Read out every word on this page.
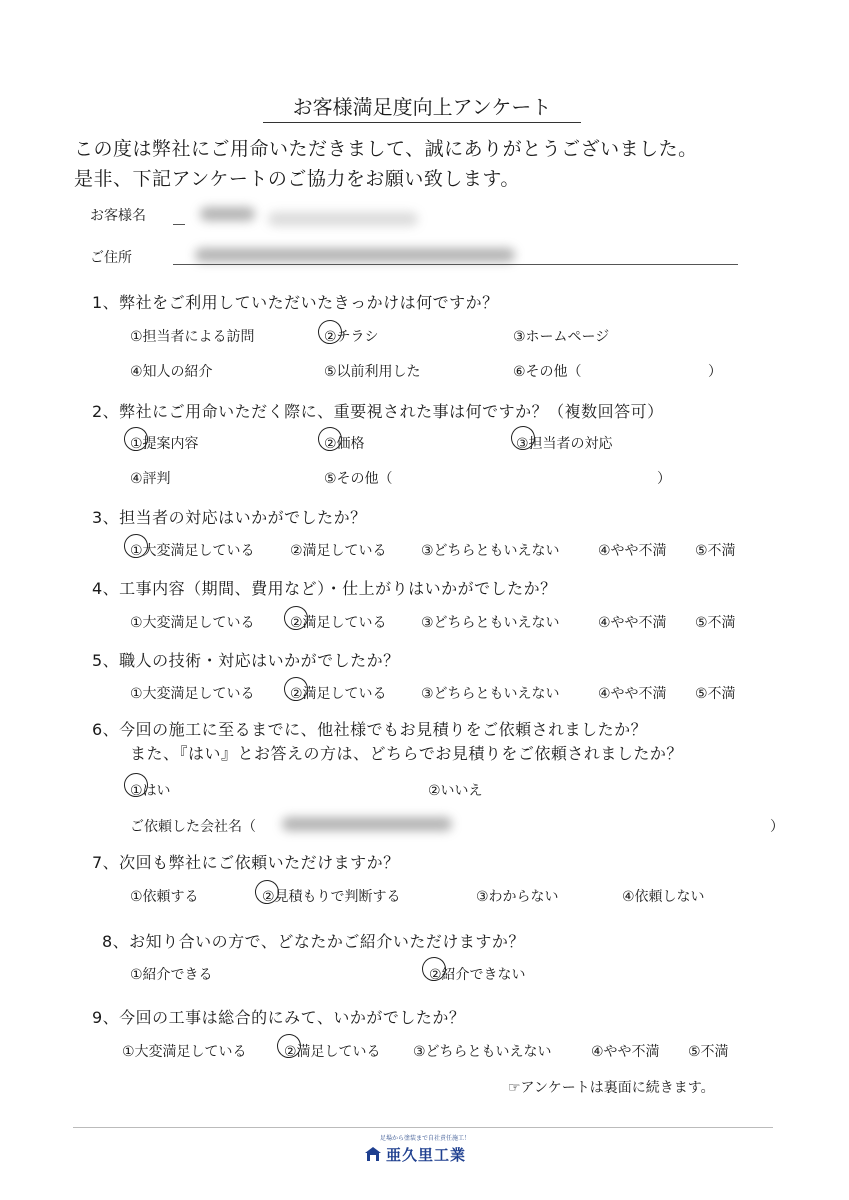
お客様満足度向上アンケート
この度は弊社にご用命いただきまして、誠にありがとうございました。
是非、下記アンケートのご協力をお願い致します。
お客様名
ご住所
1、弊社をご利用していただいたきっかけは何ですか？
①担当者による訪問	②チラシ	③ホームページ
④知人の紹介	⑤以前利用した	⑥その他（	）
2、弊社にご用命いただく際に、重要視された事は何ですか？（複数回答可）
①提案内容	②価格	③担当者の対応
④評判	⑤その他（	）
3、担当者の対応はいかがでしたか？
①大変満足している	②満足している ③どちらともいえない	④やや不満 ⑤不満
4、工事内容（期間、費用など）・仕上がりはいかがでしたか？
①大変満足している	②満足している ③どちらともいえない	④やや不満 ⑤不満
5、職人の技術・対応はいかがでしたか？
①大変満足している	②満足している ③どちらともいえない	④やや不満 ⑤不満
6、今回の施工に至るまでに、他社様でもお見積りをご依頼されましたか？
また、『はい』とお答えの方は、どちらでお見積りをご依頼されましたか？
①はい	②いいえ
ご依頼した会社名（	）
7、次回も弊社にご依頼いただけますか？
①依頼する	②見積もりで判断する	③わからない	④依頼しない
8、お知り合いの方で、どなたかご紹介いただけますか？
①紹介できる	②紹介できない
9、今回の工事は総合的にみて、いかがでしたか？
①大変満足している	②満足している ③どちらともいえない	④やや不満 ⑤不満
☞アンケートは裏面に続きます。
足場から塗装まで自社責任施工！
亜久里工業
